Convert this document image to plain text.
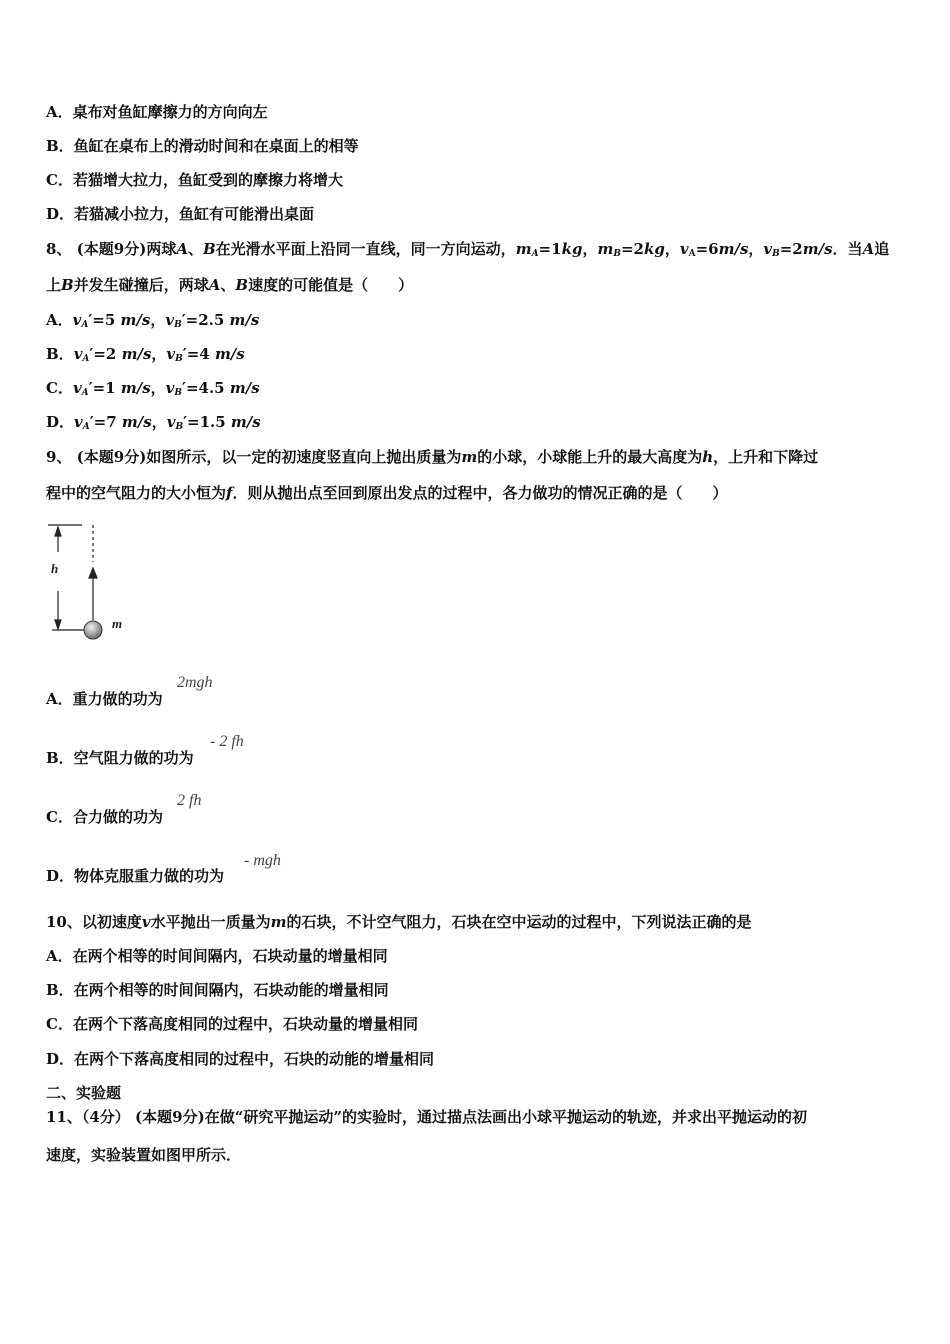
A．桌布对鱼缸摩擦力的方向向左
B．鱼缸在桌布上的滑动时间和在桌面上的相等
C．若猫增大拉力，鱼缸受到的摩擦力将增大
D．若猫减小拉力，鱼缸有可能滑出桌面
8、 (本题9分)两球A、B在光滑水平面上沿同一直线，同一方向运动，$m_A=1kg$，$m_B=2kg$，$v_A=6m/s$，$v_B=2m/s$．当A追
上B并发生碰撞后，两球A、B速度的可能值是（　　）
A．$v_A'=5$ m/s，$v_B'=2.5$ m/s
B．$v_A'=2$ m/s，$v_B'=4$ m/s
C．$v_A'=1$ m/s，$v_B'=4.5$ m/s
D．$v_A'=7$ m/s，$v_B'=1.5$ m/s
9、 (本题9分)如图所示，以一定的初速度竖直向上抛出质量为m的小球，小球能上升的最大高度为h，上升和下降过
程中的空气阻力的大小恒为f．则从抛出点至回到原出发点的过程中，各力做功的情况正确的是（　　）
h
m
A．重力做的功为
2mgh
B．空气阻力做的功为
- 2 fh
C．合力做的功为
2 fh
D．物体克服重力做的功为
- mgh
10、以初速度v水平抛出一质量为m的石块，不计空气阻力，石块在空中运动的过程中，下列说法正确的是
A．在两个相等的时间间隔内，石块动量的增量相同
B．在两个相等的时间间隔内，石块动能的增量相同
C．在两个下落高度相同的过程中，石块动量的增量相同
D．在两个下落高度相同的过程中，石块的动能的增量相同
二、实验题
11、（4分） (本题9分)在做“研究平抛运动”的实验时，通过描点法画出小球平抛运动的轨迹，并求出平抛运动的初
速度，实验装置如图甲所示．
